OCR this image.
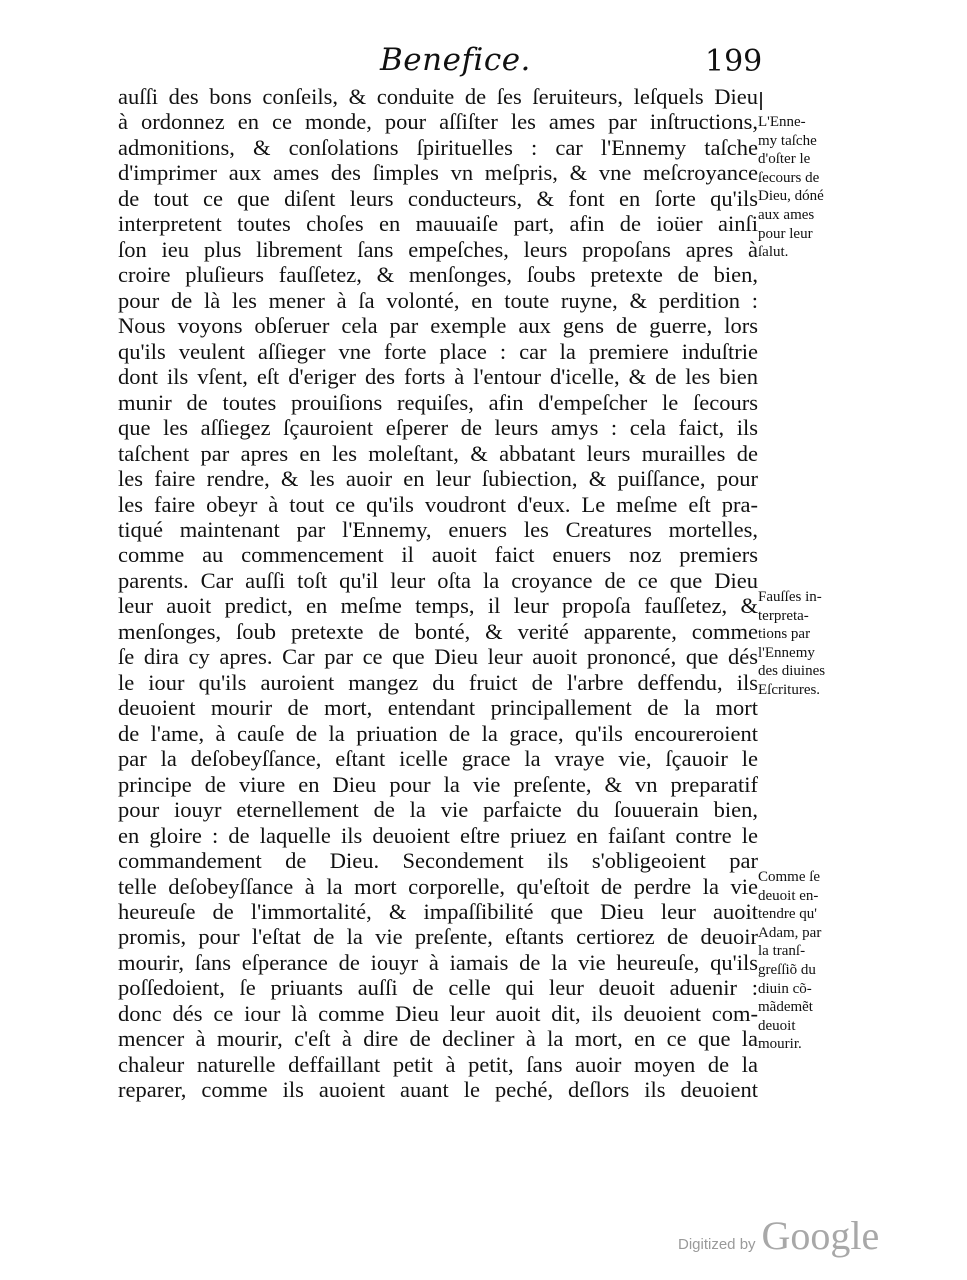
Benefice.	199
auſſi des bons conſeils, & conduite de ſes ſeruiteurs, leſquels Dieu
à ordonnez en ce monde, pour aſſiſter les ames par inſtructions,
admonitions, & conſolations ſpirituelles : car l'Ennemy taſche
d'imprimer aux ames des ſimples vn meſpris, & vne meſcroyance
de tout ce que diſent leurs conducteurs, & font en ſorte qu'ils
interpretent toutes choſes en mauuaiſe part, afin de ioüer ainſi
ſon ieu plus librement ſans empeſches, leurs propoſans apres à
croire pluſieurs fauſſetez, & menſonges, ſoubs pretexte de bien,
pour de là les mener à ſa volonté, en toute ruyne, & perdition :
Nous voyons obſeruer cela par exemple aux gens de guerre, lors
qu'ils veulent aſſieger vne forte place : car la premiere induſtrie
dont ils vſent, eſt d'eriger des forts à l'entour d'icelle, & de les bien
munir de toutes prouiſions requiſes, afin d'empeſcher le ſecours
que les aſſiegez ſçauroient eſperer de leurs amys : cela faict, ils
taſchent par apres en les moleſtant, & abbatant leurs murailles de
les faire rendre, & les auoir en leur ſubiection, & puiſſance, pour
les faire obeyr à tout ce qu'ils voudront d'eux. Le meſme eſt pra-
tiqué maintenant par l'Ennemy, enuers les Creatures mortelles,
comme au commencement il auoit faict enuers noz premiers
parents. Car auſſi toſt qu'il leur oſta la croyance de ce que Dieu
leur auoit predict, en meſme temps, il leur propoſa fauſſetez, &
menſonges, ſoub pretexte de bonté, & verité apparente, comme
ſe dira cy apres. Car par ce que Dieu leur auoit prononcé, que dés
le iour qu'ils auroient mangez du fruict de l'arbre deffendu, ils
deuoient mourir de mort, entendant principallement de la mort
de l'ame, à cauſe de la priuation de la grace, qu'ils encoureroient
par la deſobeyſſance, eſtant icelle grace la vraye vie, ſçauoir le
principe de viure en Dieu pour la vie preſente, & vn preparatif
pour iouyr eternellement de la vie parfaicte du ſouuerain bien,
en gloire : de laquelle ils deuoient eſtre priuez en faiſant contre le
commandement de Dieu. Secondement ils s'obligeoient par
telle deſobeyſſance à la mort corporelle, qu'eſtoit de perdre la vie
heureuſe de l'immortalité, & impaſſibilité que Dieu leur auoit
promis, pour l'eſtat de la vie preſente, eſtants certiorez de deuoir
mourir, ſans eſperance de iouyr à iamais de la vie heureuſe, qu'ils
poſſedoient, ſe priuants auſſi de celle qui leur deuoit aduenir :
donc dés ce iour là comme Dieu leur auoit dit, ils deuoient com-
mencer à mourir, c'eſt à dire de decliner à la mort, en ce que la
chaleur naturelle deffaillant petit à petit, ſans auoir moyen de la
reparer, comme ils auoient auant le peché, deſlors ils deuoient
L'Enne-
my taſche
d'oſter le
ſecours de
Dieu, dóné
aux ames
pour leur
ſalut.
Fauſſes in-
terpreta-
tions par
l'Ennemy
des diuines
Eſcritures.
Comme ſe
deuoit en-
tendre qu'
Adam, par
la tranſ-
greſſiõ du
diuin cõ-
mãdemẽt
deuoit
mourir.
Digitized by Google
